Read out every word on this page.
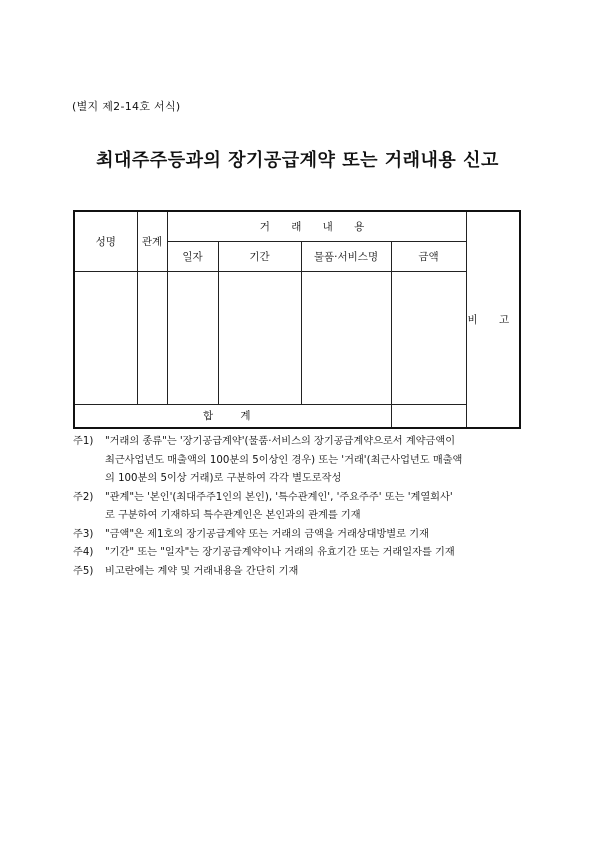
(별지 제2-14호 서식)
최대주주등과의 장기공급계약 또는 거래내용 신고
성명	관계	거 래 내 용				비 고
		일자	기간	물품·서비스명	금액	

합 계						
주1)	"거래의 종류"는 '장기공급계약'(물품·서비스의 장기공급계약으로서 계약금액이
최근사업년도 매출액의 100분의 5이상인 경우) 또는 '거래'(최근사업년도 매출액
의 100분의 5이상 거래)로 구분하여 각각 별도로작성
주2)	"관계"는 '본인'(최대주주1인의 본인), '특수관계인', '주요주주' 또는 '계열회사'
로 구분하여 기재하되 특수관계인은 본인과의 관계를 기재
주3)	"금액"은 제1호의 장기공급계약 또는 거래의 금액을 거래상대방별로 기재
주4)	"기간" 또는 "일자"는 장기공급계약이나 거래의 유효기간 또는 거래일자를 기재
주5)	비고란에는 계약 및 거래내용을 간단히 기재
